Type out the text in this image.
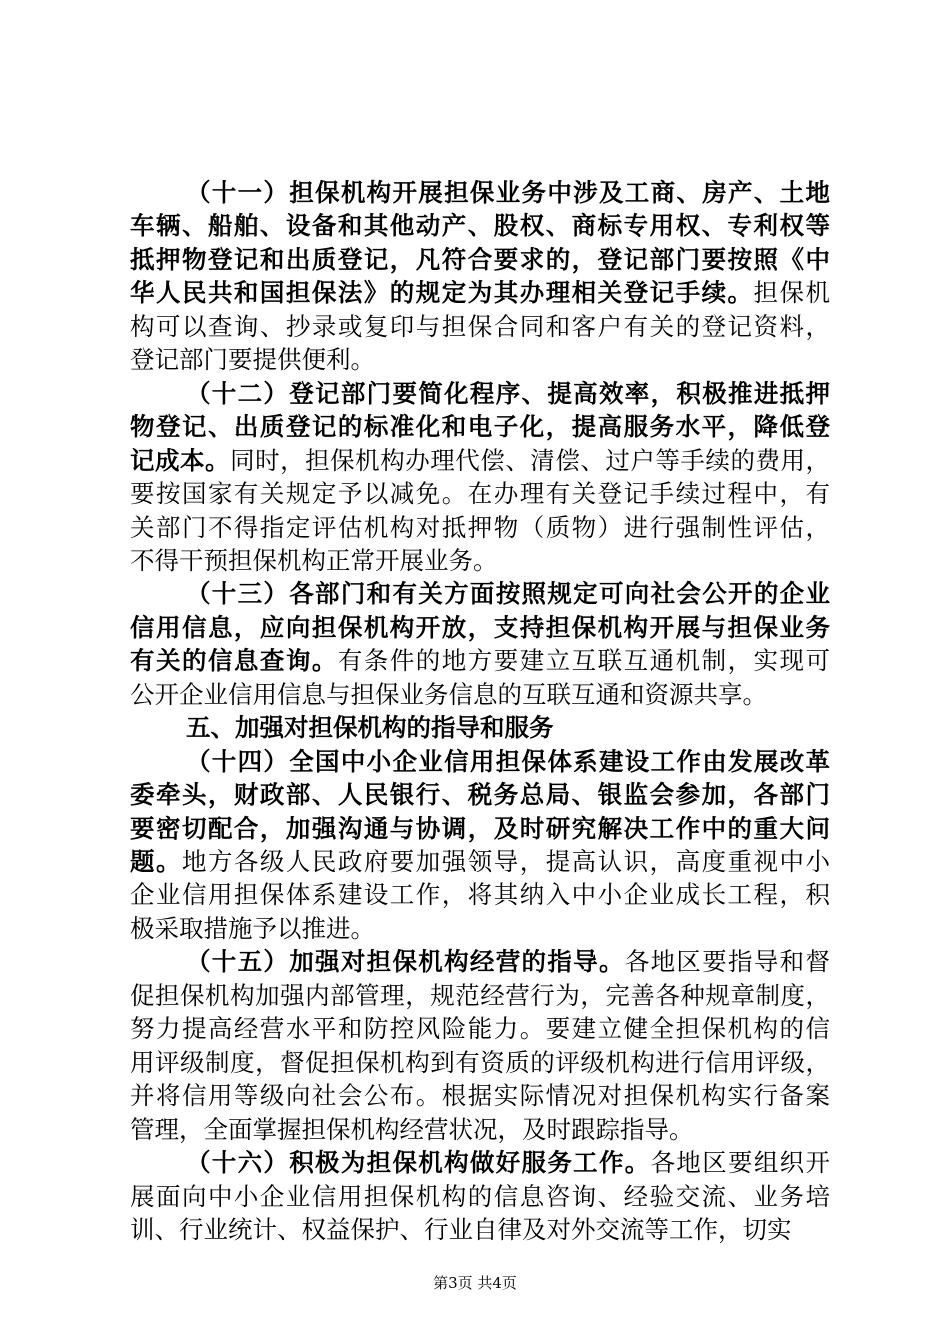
（十一）担保机构开展担保业务中涉及工商、房产、土地
车辆、船舶、设备和其他动产、股权、商标专用权、专利权等
抵押物登记和出质登记，凡符合要求的，登记部门要按照《中
华人民共和国担保法》的规定为其办理相关登记手续。担保机
构可以查询、抄录或复印与担保合同和客户有关的登记资料，
登记部门要提供便利。
（十二）登记部门要简化程序、提高效率，积极推进抵押
物登记、出质登记的标准化和电子化，提高服务水平，降低登
记成本。同时，担保机构办理代偿、清偿、过户等手续的费用，
要按国家有关规定予以减免。在办理有关登记手续过程中，有
关部门不得指定评估机构对抵押物（质物）进行强制性评估，
不得干预担保机构正常开展业务。
（十三）各部门和有关方面按照规定可向社会公开的企业
信用信息，应向担保机构开放，支持担保机构开展与担保业务
有关的信息查询。有条件的地方要建立互联互通机制，实现可
公开企业信用信息与担保业务信息的互联互通和资源共享。
五、加强对担保机构的指导和服务
（十四）全国中小企业信用担保体系建设工作由发展改革
委牵头，财政部、人民银行、税务总局、银监会参加，各部门
要密切配合，加强沟通与协调，及时研究解决工作中的重大问
题。地方各级人民政府要加强领导，提高认识，高度重视中小
企业信用担保体系建设工作，将其纳入中小企业成长工程，积
极采取措施予以推进。
（十五）加强对担保机构经营的指导。各地区要指导和督
促担保机构加强内部管理，规范经营行为，完善各种规章制度，
努力提高经营水平和防控风险能力。要建立健全担保机构的信
用评级制度，督促担保机构到有资质的评级机构进行信用评级，
并将信用等级向社会公布。根据实际情况对担保机构实行备案
管理，全面掌握担保机构经营状况，及时跟踪指导。
（十六）积极为担保机构做好服务工作。各地区要组织开
展面向中小企业信用担保机构的信息咨询、经验交流、业务培
训、行业统计、权益保护、行业自律及对外交流等工作，切实
第3页 共4页
